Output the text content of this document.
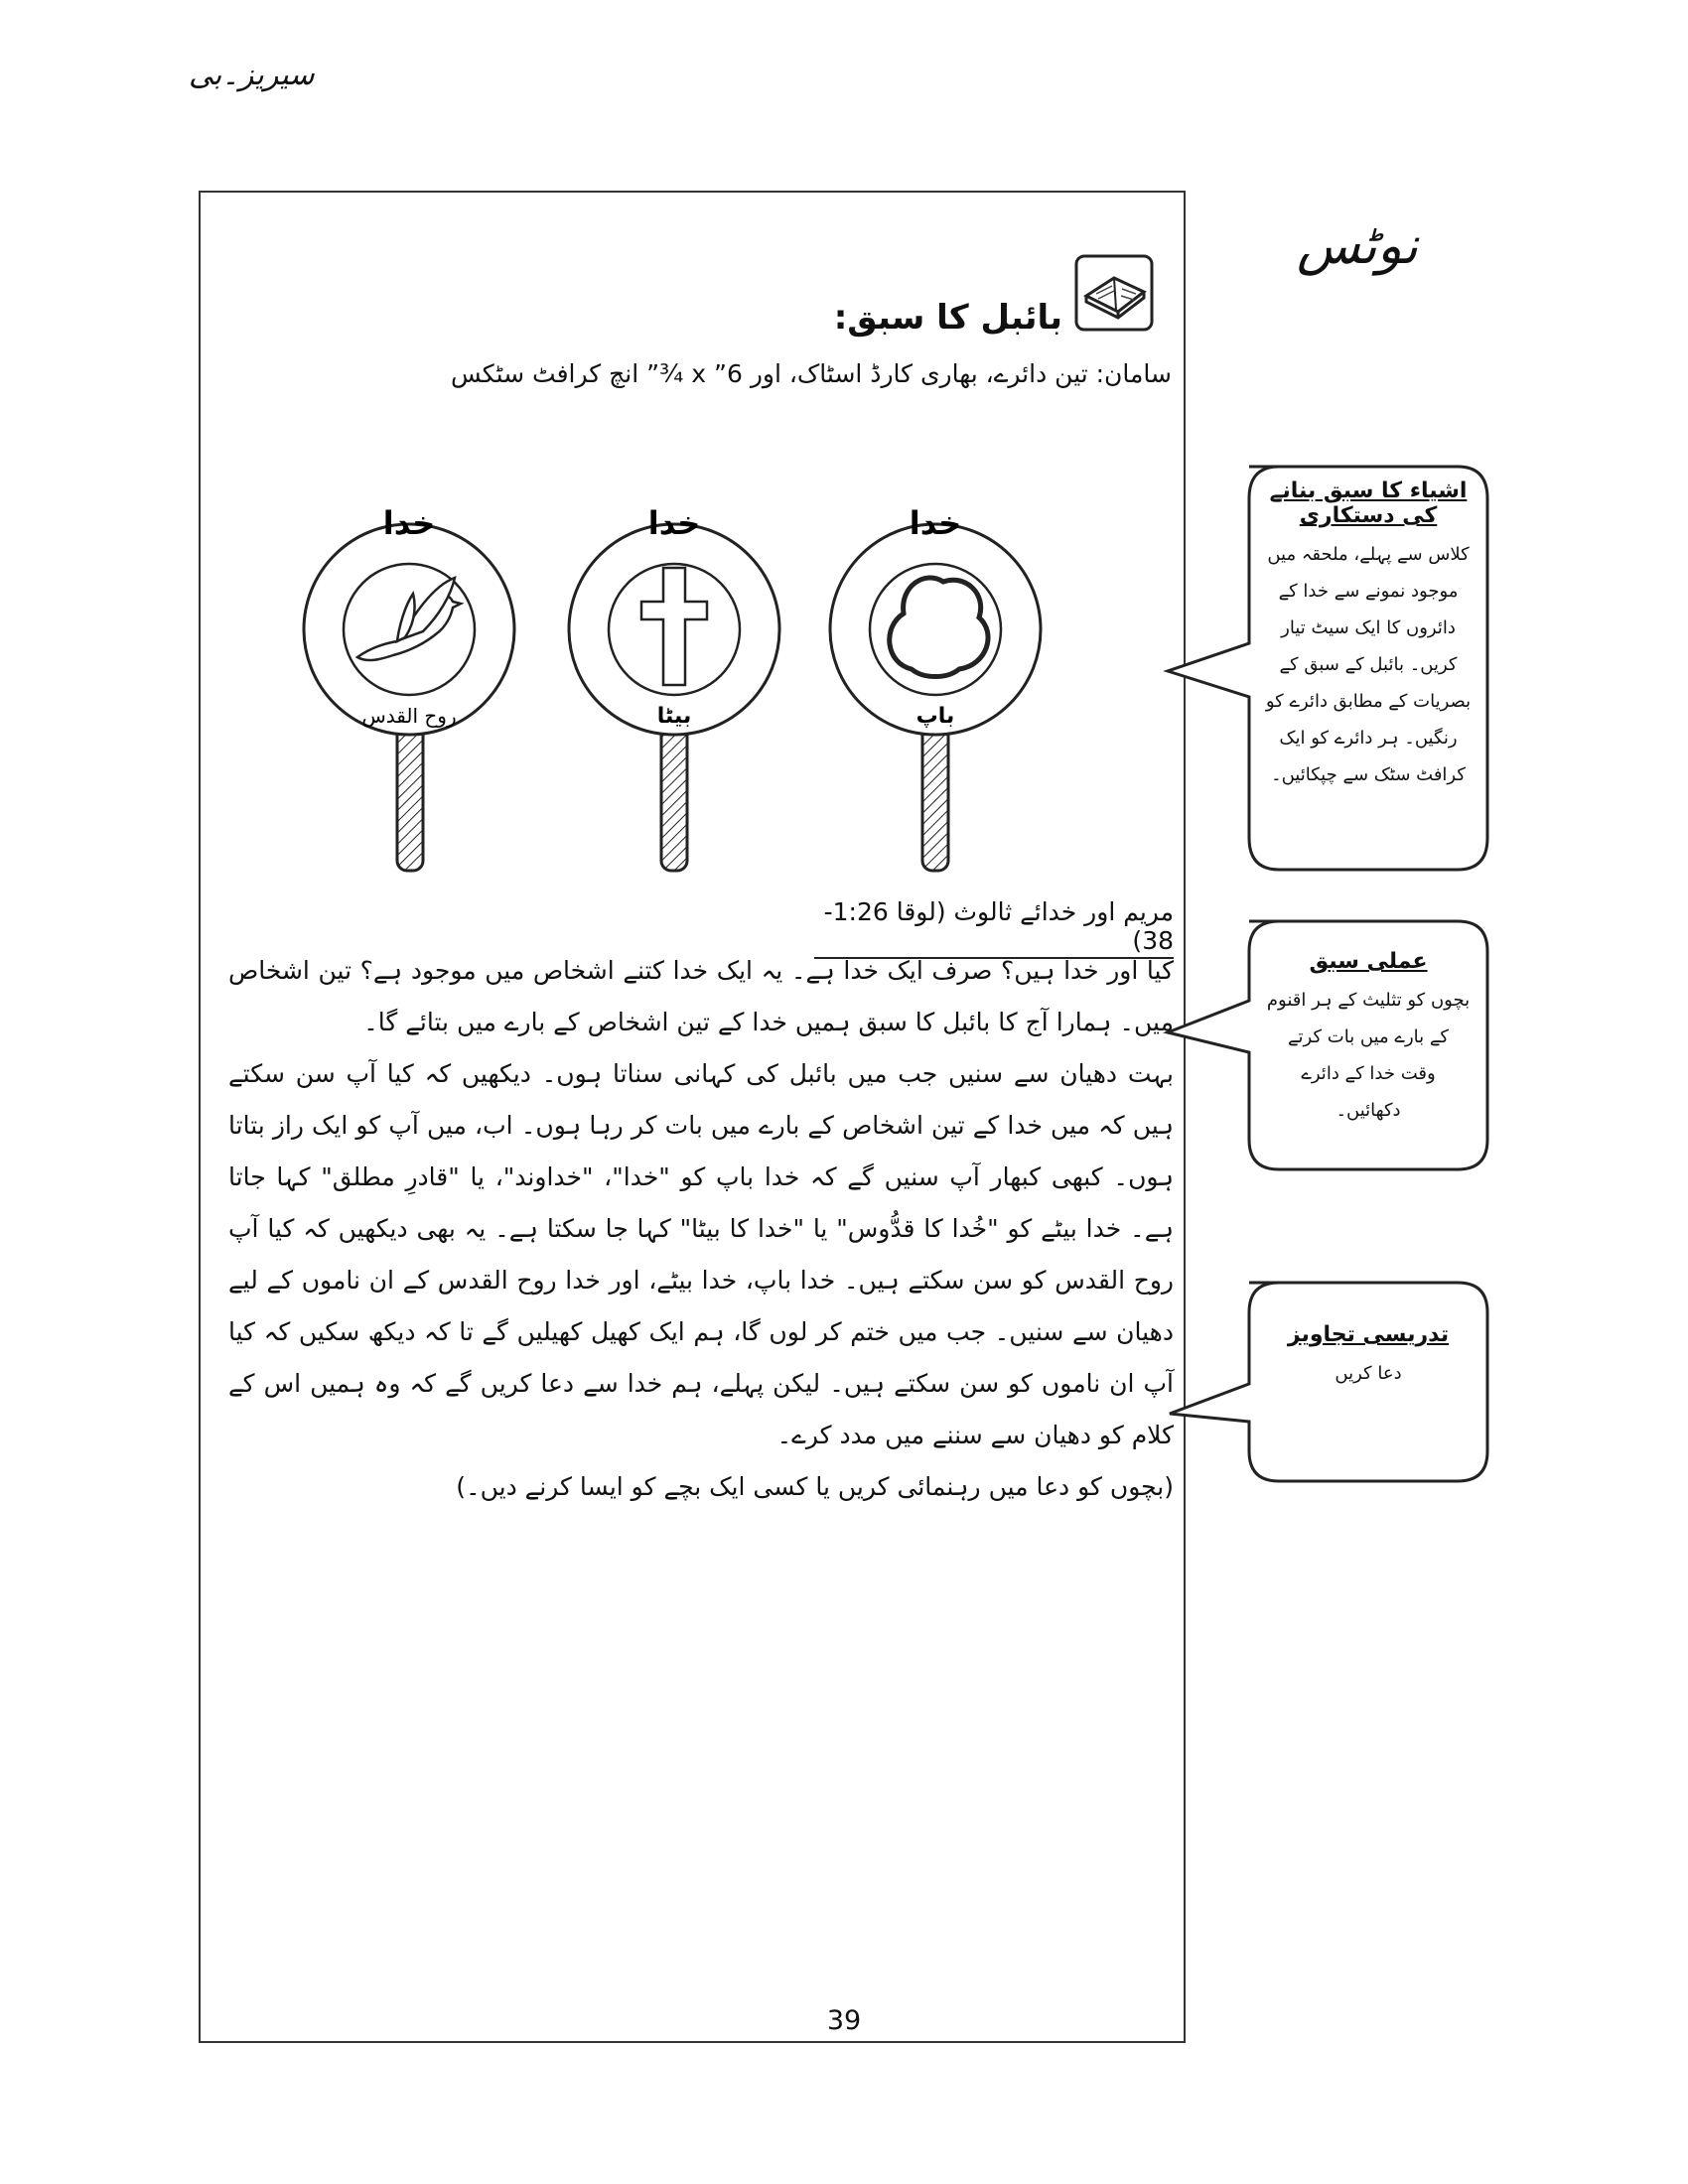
سیریز۔بی
نوٹس
بائبل کا سبق:
سامان: تین دائرے، بھاری کارڈ اسٹاک، اور 6” x ¾” انچ کرافٹ سٹکس
خدا
روح القدس
خدا
بیٹا
خدا
باپ
مریم اور خدائے ثالوث (لوقا 1:26-38)

کیا اور خدا ہیں؟ صرف ایک خدا ہے۔ یہ ایک خدا کتنے اشخاص میں موجود ہے؟ تین اشخاص میں۔ ہمارا آج کا بائبل کا سبق ہمیں خدا کے تین اشخاص کے بارے میں بتائے گا۔

بہت دھیان سے سنیں جب میں بائبل کی کہانی سناتا ہوں۔ دیکھیں کہ کیا آپ سن سکتے ہیں کہ میں خدا کے تین اشخاص کے بارے میں بات کر رہا ہوں۔ اب، میں آپ کو ایک راز بتاتا ہوں۔ کبھی کبھار آپ سنیں گے کہ خدا باپ کو "خدا"، "خداوند"، یا "قادرِ مطلق" کہا جاتا ہے۔ خدا بیٹے کو "خُدا کا قدُّوس" یا "خدا کا بیٹا" کہا جا سکتا ہے۔ یہ بھی دیکھیں کہ کیا آپ روح القدس کو سن سکتے ہیں۔ خدا باپ، خدا بیٹے، اور خدا روح القدس کے ان ناموں کے لیے دھیان سے سنیں۔ جب میں ختم کر لوں گا، ہم ایک کھیل کھیلیں گے تا کہ دیکھ سکیں کہ کیا آپ ان ناموں کو سن سکتے ہیں۔ لیکن پہلے، ہم خدا سے دعا کریں گے کہ وہ ہمیں اس کے کلام کو دھیان سے سننے میں مدد کرے۔

(بچوں کو دعا میں رہنمائی کریں یا کسی ایک بچے کو ایسا کرنے دیں۔)

اشیاء کا سبق بنانے کی دستکاری
کلاس سے پہلے، ملحقہ میں
موجود نمونے سے خدا کے
دائروں کا ایک سیٹ تیار
کریں۔ بائبل کے سبق کے
بصریات کے مطابق دائرے کو
رنگیں۔ ہر دائرے کو ایک
کرافٹ سٹک سے چپکائیں۔
عملی سبق
بچوں کو تثلیث کے ہر اقنوم
کے بارے میں بات کرتے
وقت خدا کے دائرے
دکھائیں۔
تدریسی تجاویز
دعا کریں
39
